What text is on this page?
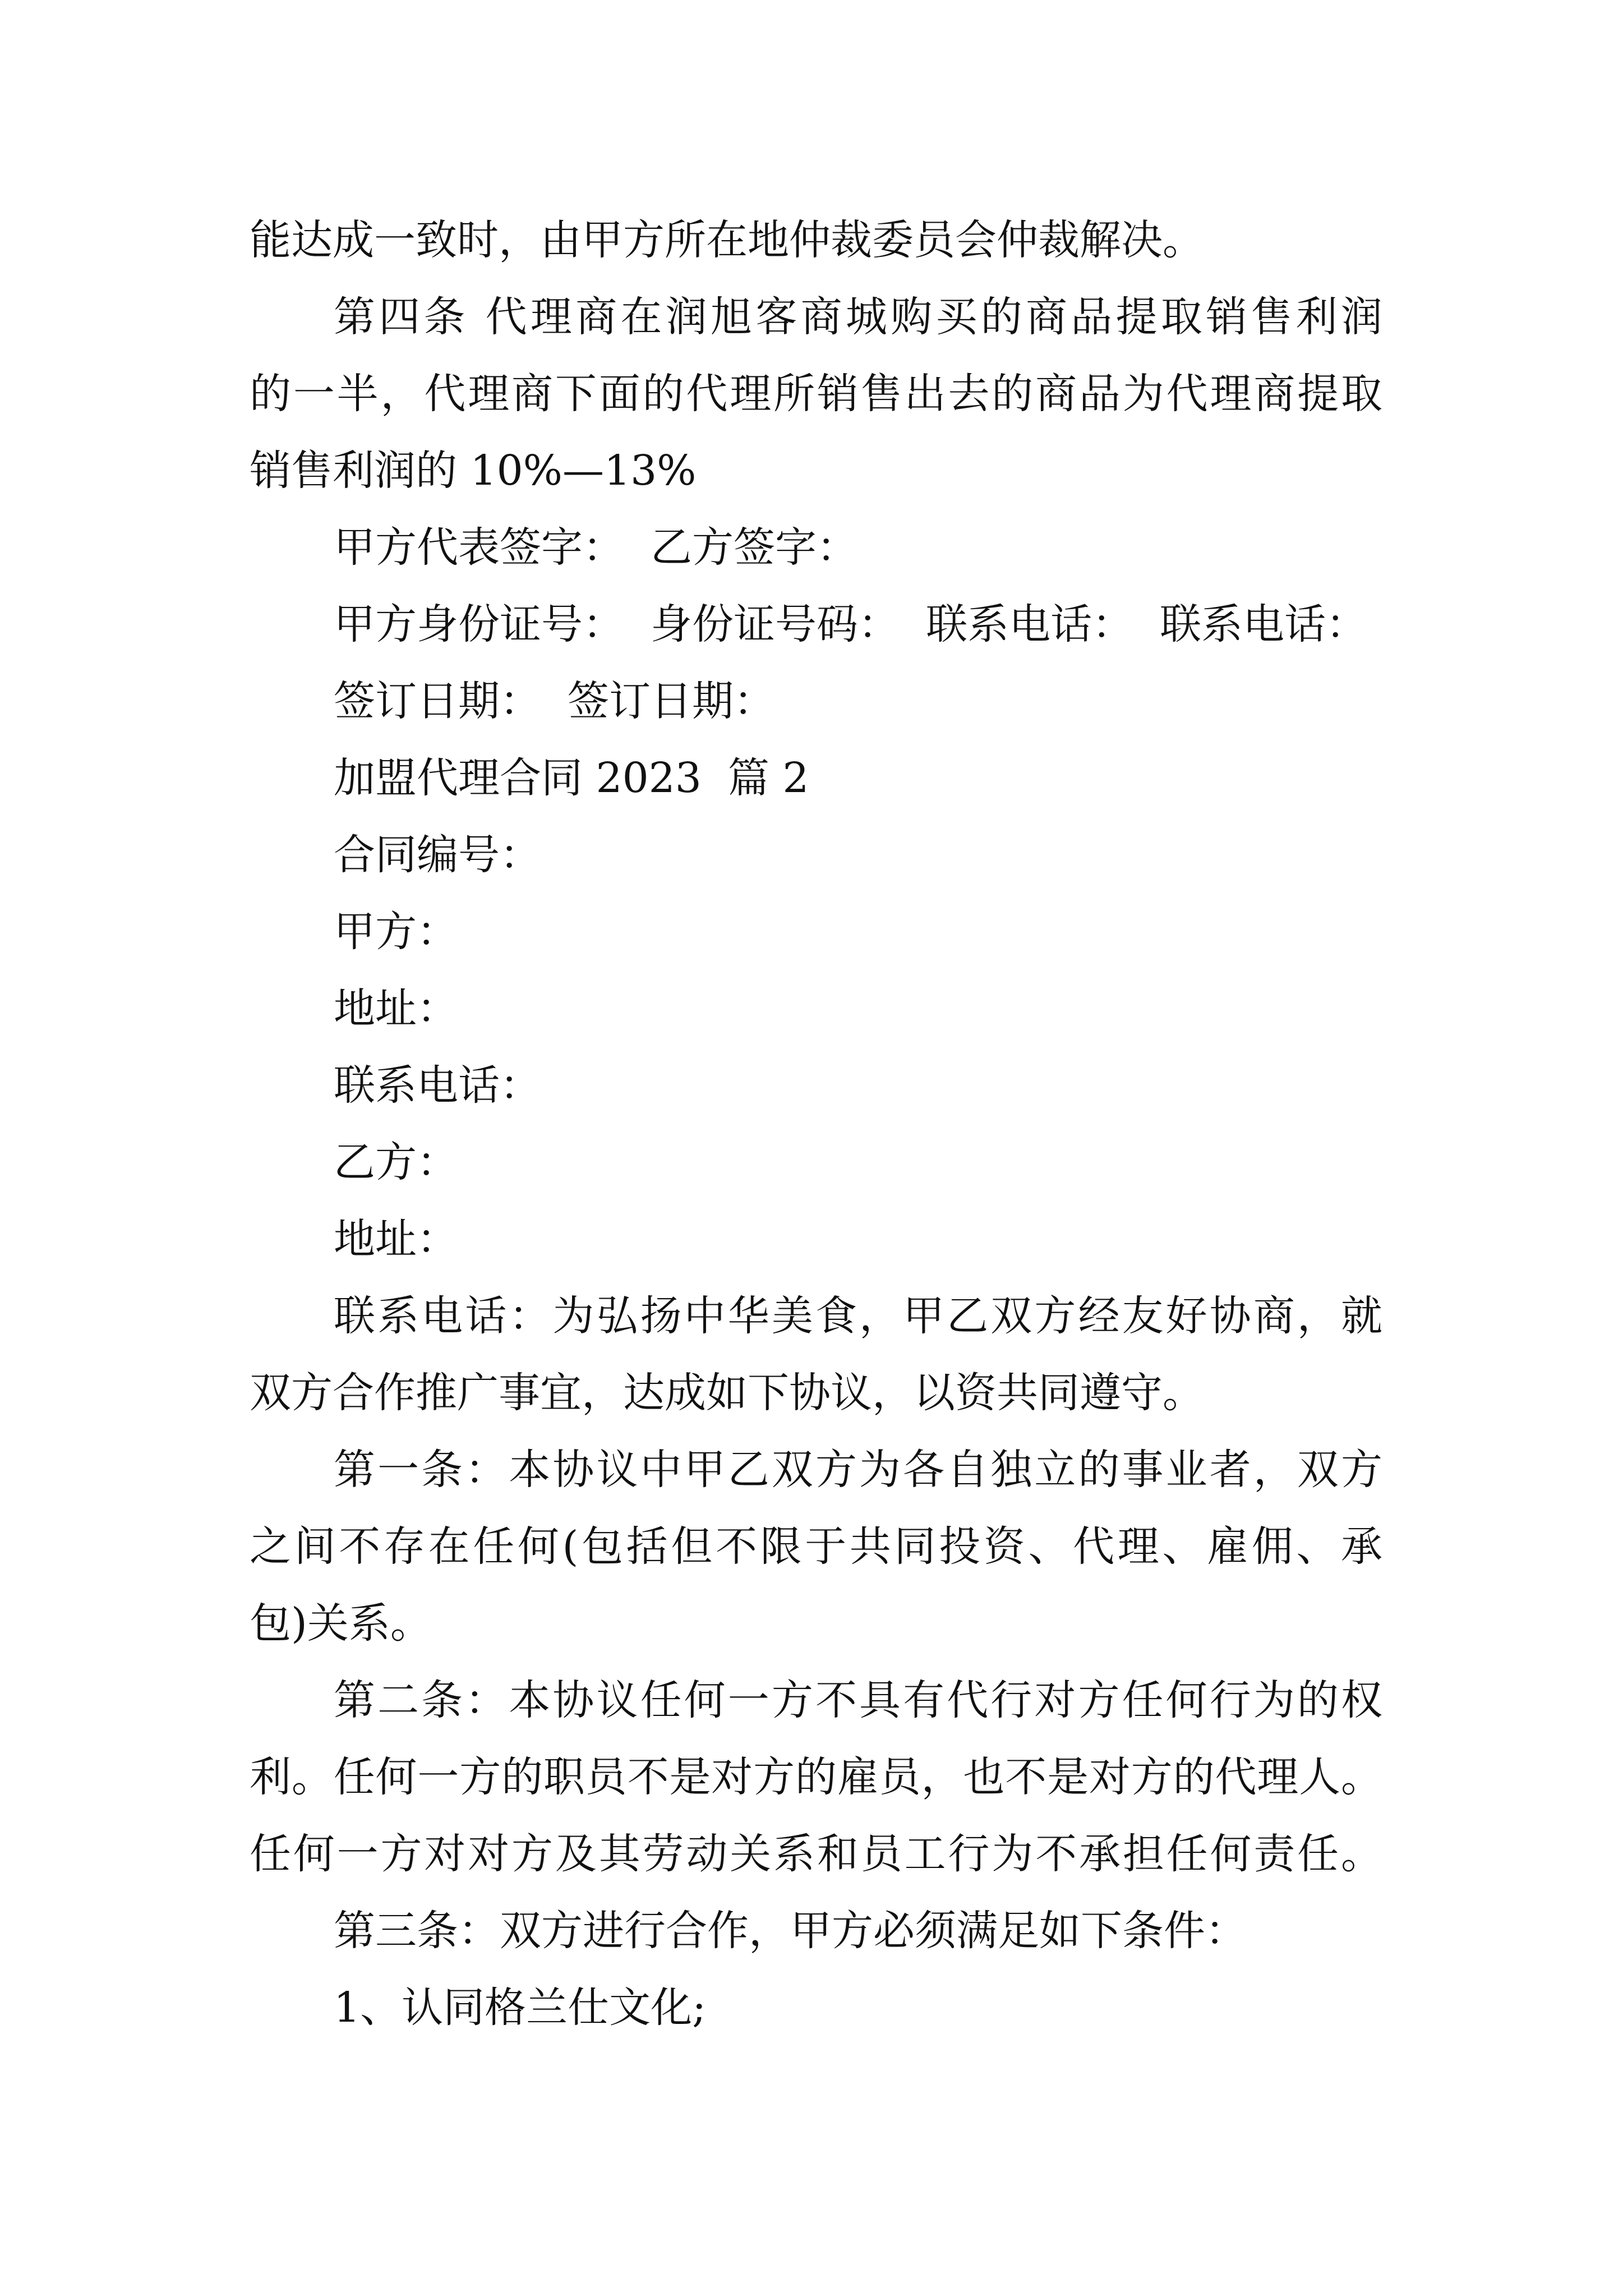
能达成一致时，由甲方所在地仲裁委员会仲裁解决。
第四条 代理商在润旭客商城购买的商品提取销售利润
的一半，代理商下面的代理所销售出去的商品为代理商提取
销售利润的 10%—13%
甲方代表签字：  乙方签字：
甲方身份证号：  身份证号码：  联系电话：  联系电话：
签订日期：  签订日期：
加盟代理合同 2023  篇 2
合同编号：
甲方：
地址：
联系电话：
乙方：
地址：
联系电话：为弘扬中华美食，甲乙双方经友好协商，就
双方合作推广事宜，达成如下协议，以资共同遵守。
第一条：本协议中甲乙双方为各自独立的事业者，双方
之间不存在任何(包括但不限于共同投资、代理、雇佣、承
包)关系。
第二条：本协议任何一方不具有代行对方任何行为的权
利。任何一方的职员不是对方的雇员，也不是对方的代理人。
任何一方对对方及其劳动关系和员工行为不承担任何责任。
第三条：双方进行合作，甲方必须满足如下条件：
1、认同格兰仕文化;
